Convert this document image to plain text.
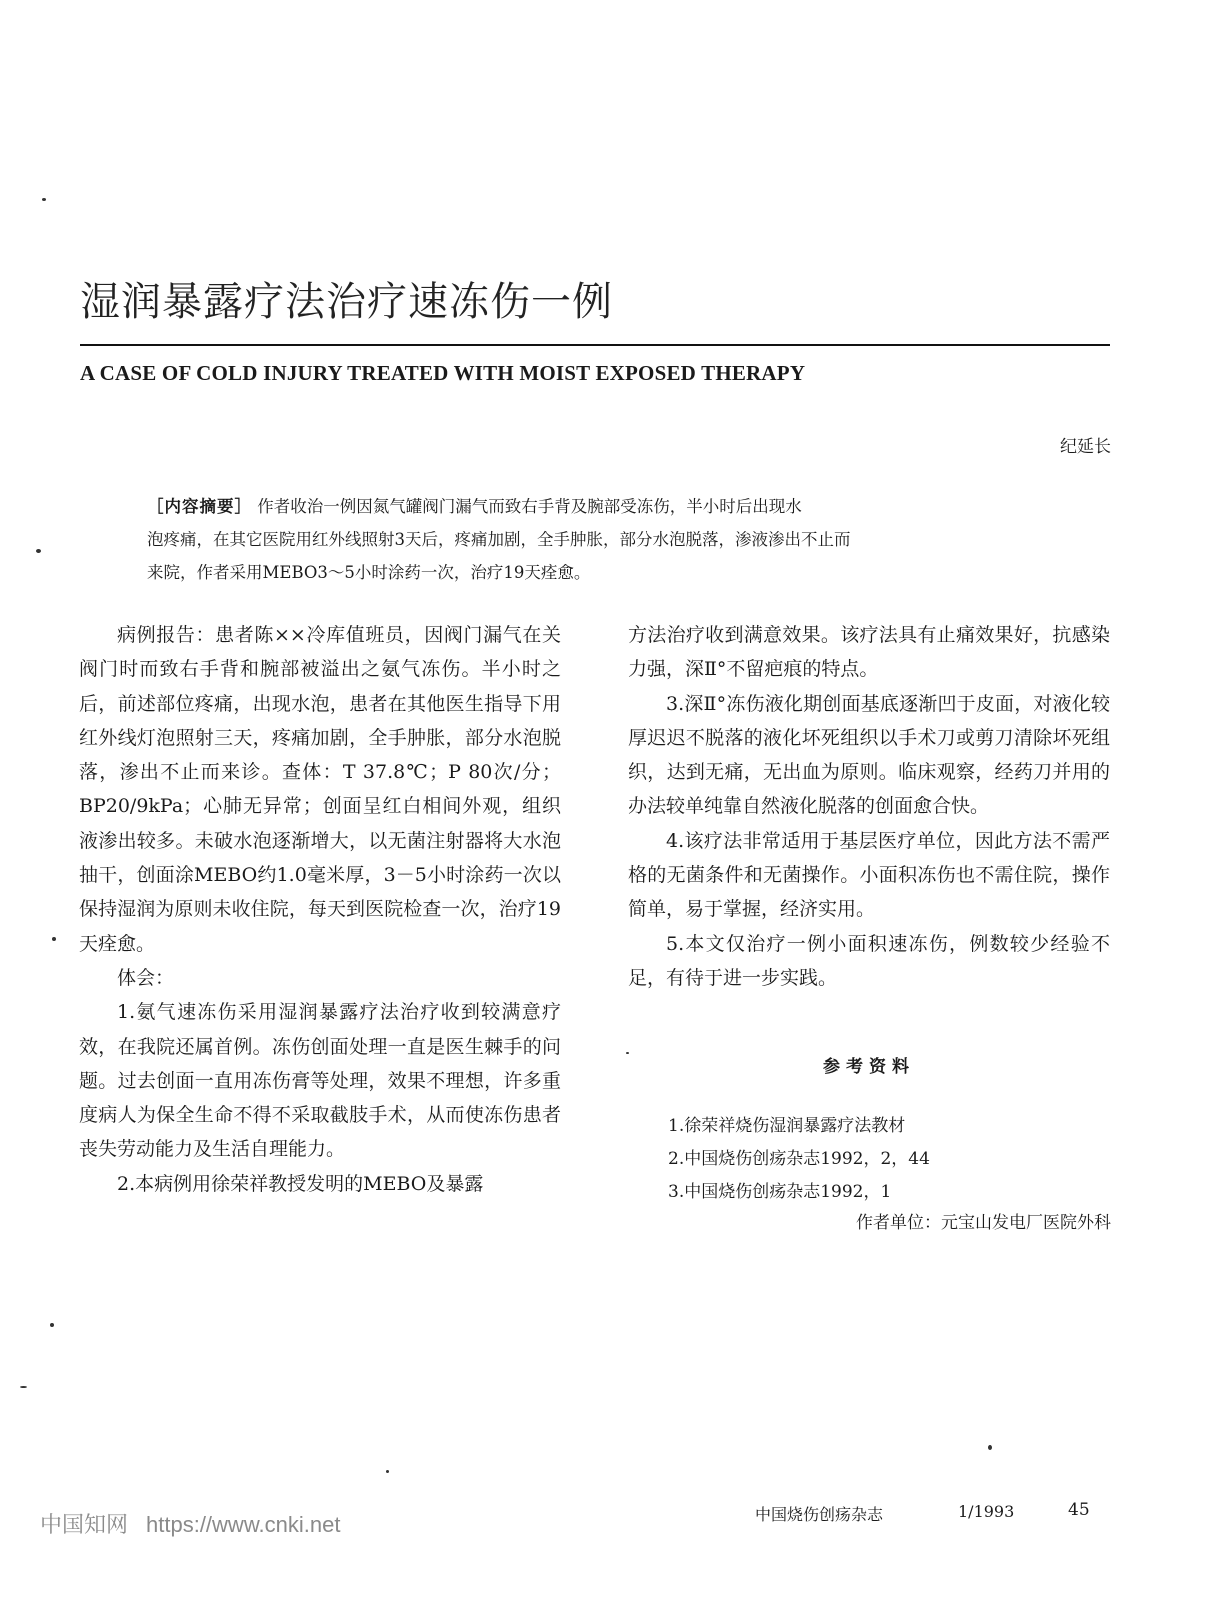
湿润暴露疗法治疗速冻伤一例
A CASE OF COLD INJURY TREATED WITH MOIST EXPOSED THERAPY
纪延长
［内容摘要］ 作者收治一例因氮气罐阀门漏气而致右手背及腕部受冻伤，半小时后出现水
泡疼痛，在其它医院用红外线照射3天后，疼痛加剧，全手肿胀，部分水泡脱落，渗液渗出不止而
来院，作者采用MEBO3～5小时涂药一次，治疗19天痊愈。

病例报告：患者陈××冷库值班员，因阀门漏气在关阀门时而致右手背和腕部被溢出之氨气冻伤。半小时之后，前述部位疼痛，出现水泡，患者在其他医生指导下用红外线灯泡照射三天，疼痛加剧，全手肿胀，部分水泡脱落，渗出不止而来诊。查体：T 37.8℃；P 80次/分；BP20/9kPa；心肺无异常；创面呈红白相间外观，组织液渗出较多。未破水泡逐渐增大，以无菌注射器将大水泡抽干，创面涂MEBO约1.0毫米厚，3－5小时涂药一次以保持湿润为原则未收住院，每天到医院检查一次，治疗19天痊愈。

体会：

1.氨气速冻伤采用湿润暴露疗法治疗收到较满意疗效，在我院还属首例。冻伤创面处理一直是医生棘手的问题。过去创面一直用冻伤膏等处理，效果不理想，许多重度病人为保全生命不得不采取截肢手术，从而使冻伤患者丧失劳动能力及生活自理能力。

2.本病例用徐荣祥教授发明的MEBO及暴露

方法治疗收到满意效果。该疗法具有止痛效果好，抗感染力强，深Ⅱ°不留疤痕的特点。

3.深Ⅱ°冻伤液化期创面基底逐渐凹于皮面，对液化较厚迟迟不脱落的液化坏死组织以手术刀或剪刀清除坏死组织，达到无痛，无出血为原则。临床观察，经药刀并用的办法较单纯靠自然液化脱落的创面愈合快。

4.该疗法非常适用于基层医疗单位，因此方法不需严格的无菌条件和无菌操作。小面积冻伤也不需住院，操作简单，易于掌握，经济实用。

5.本文仅治疗一例小面积速冻伤，例数较少经验不足，有待于进一步实践。

参考资料
1.徐荣祥烧伤湿润暴露疗法教材
2.中国烧伤创疡杂志1992，2，44
3.中国烧伤创疡杂志1992，1
作者单位：元宝山发电厂医院外科
中国知网 https://www.cnki.net	中国烧伤创疡杂志	1/1993	45
